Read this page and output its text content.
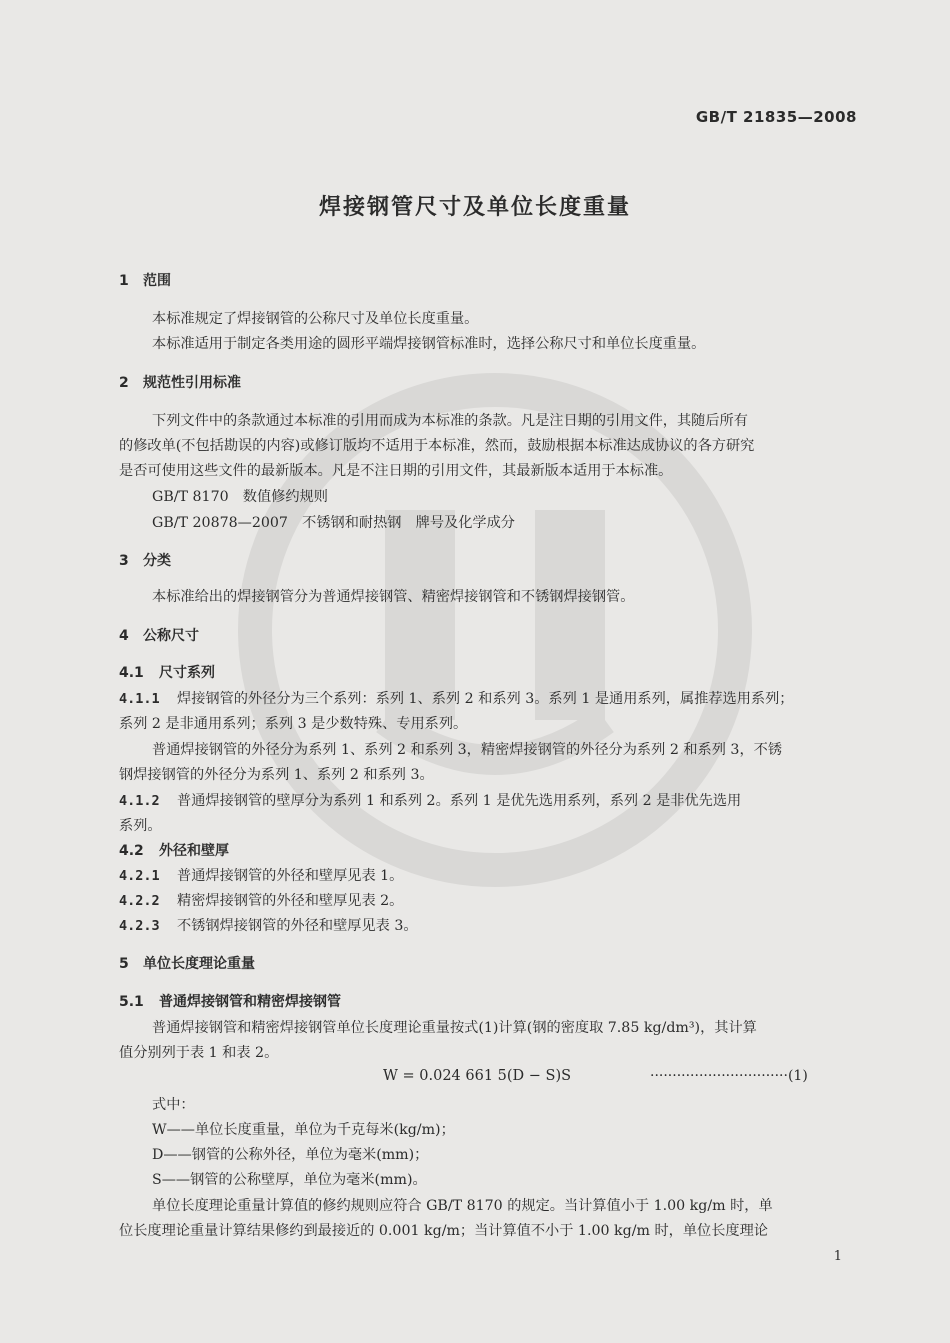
GB/T 21835—2008
焊接钢管尺寸及单位长度重量
1 范围
本标准规定了焊接钢管的公称尺寸及单位长度重量。
本标准适用于制定各类用途的圆形平端焊接钢管标准时，选择公称尺寸和单位长度重量。
2 规范性引用标准
下列文件中的条款通过本标准的引用而成为本标准的条款。凡是注日期的引用文件，其随后所有
的修改单(不包括勘误的内容)或修订版均不适用于本标准，然而，鼓励根据本标准达成协议的各方研究
是否可使用这些文件的最新版本。凡是不注日期的引用文件，其最新版本适用于本标准。
GB/T 8170　数值修约规则
GB/T 20878—2007　不锈钢和耐热钢　牌号及化学成分
3 分类
本标准给出的焊接钢管分为普通焊接钢管、精密焊接钢管和不锈钢焊接钢管。
4 公称尺寸
4.1 尺寸系列
4.1.1 焊接钢管的外径分为三个系列：系列 1、系列 2 和系列 3。系列 1 是通用系列，属推荐选用系列；
系列 2 是非通用系列；系列 3 是少数特殊、专用系列。
普通焊接钢管的外径分为系列 1、系列 2 和系列 3，精密焊接钢管的外径分为系列 2 和系列 3，不锈
钢焊接钢管的外径分为系列 1、系列 2 和系列 3。
4.1.2 普通焊接钢管的壁厚分为系列 1 和系列 2。系列 1 是优先选用系列，系列 2 是非优先选用
系列。
4.2 外径和壁厚
4.2.1 普通焊接钢管的外径和壁厚见表 1。
4.2.2 精密焊接钢管的外径和壁厚见表 2。
4.2.3 不锈钢焊接钢管的外径和壁厚见表 3。
5 单位长度理论重量
5.1 普通焊接钢管和精密焊接钢管
普通焊接钢管和精密焊接钢管单位长度理论重量按式(1)计算(钢的密度取 7.85 kg/dm³)，其计算
值分别列于表 1 和表 2。
W = 0.024 661 5(D − S)S	·······························(1)
式中：
W——单位长度重量，单位为千克每米(kg/m)；
D——钢管的公称外径，单位为毫米(mm)；
S——钢管的公称壁厚，单位为毫米(mm)。
单位长度理论重量计算值的修约规则应符合 GB/T 8170 的规定。当计算值小于 1.00 kg/m 时，单
位长度理论重量计算结果修约到最接近的 0.001 kg/m；当计算值不小于 1.00 kg/m 时，单位长度理论
1
